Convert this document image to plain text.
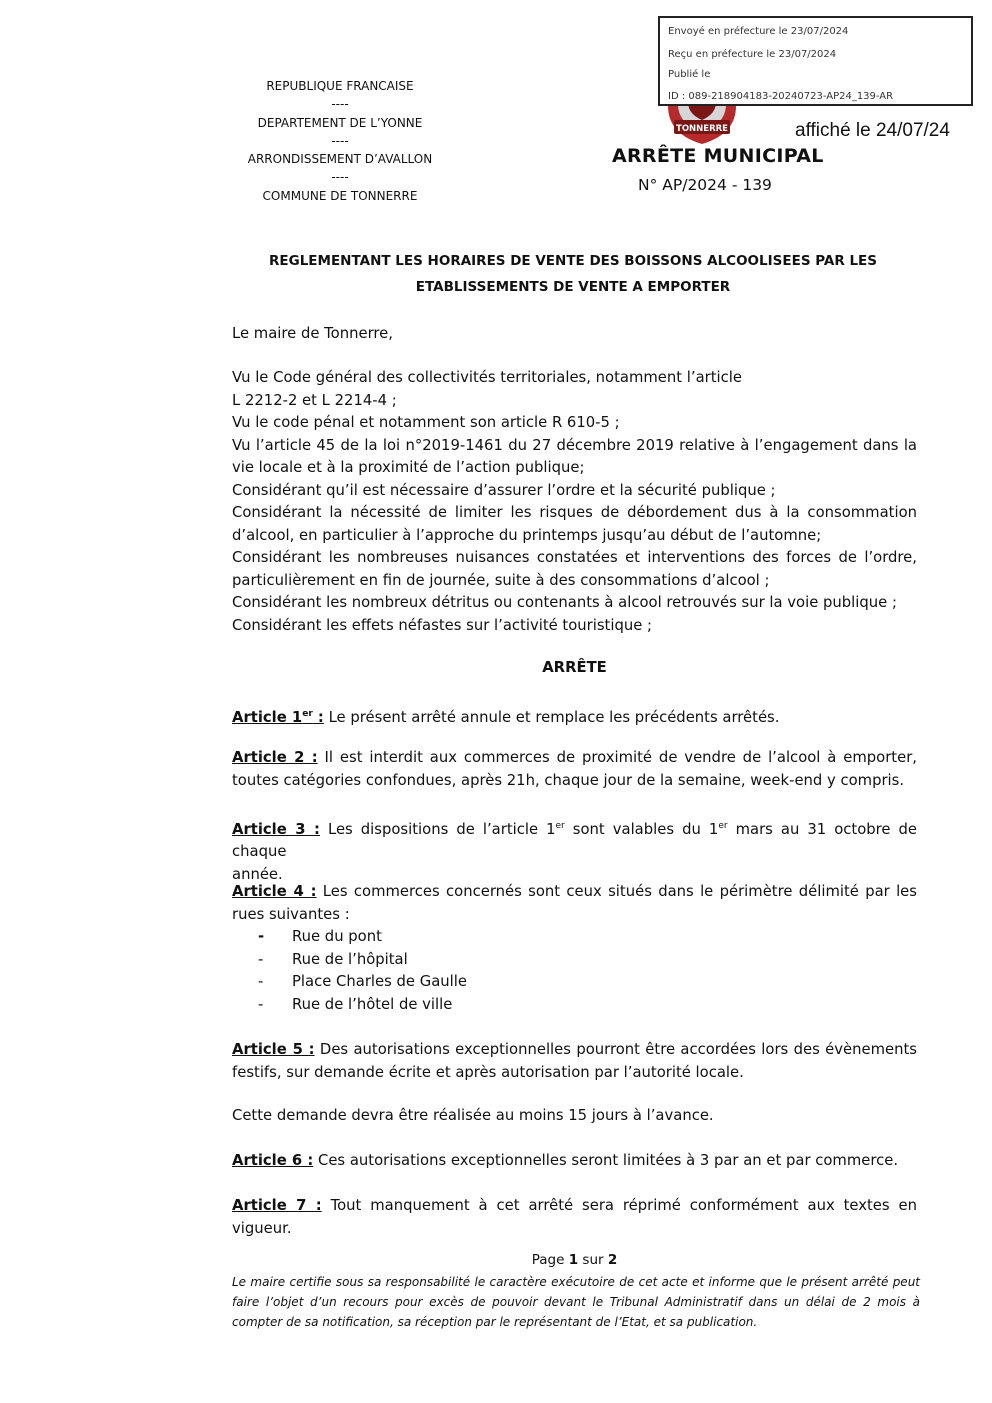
TONNERRE
Envoyé en préfecture le 23/07/2024
Reçu en préfecture le 23/07/2024
Publié le
ID : 089-218904183-20240723-AP24_139-AR
affiché le 24/07/24
REPUBLIQUE FRANCAISE
----
DEPARTEMENT DE L’YONNE
----
ARRONDISSEMENT D’AVALLON
----
COMMUNE DE TONNERRE
ARRÊTE MUNICIPAL
N° AP/2024 - 139
REGLEMENTANT LES HORAIRES DE VENTE DES BOISSONS ALCOOLISEES PAR LES
ETABLISSEMENTS DE VENTE A EMPORTER

Le maire de Tonnerre,

Vu le Code général des collectivités territoriales, notamment l’article

L 2212-2 et L 2214-4 ;

Vu le code pénal et notamment son article R 610-5 ;

Vu l’article 45 de la loi n°2019-1461 du 27 décembre 2019 relative à l’engagement dans la

vie locale et à la proximité de l’action publique;

Considérant qu’il est nécessaire d’assurer l’ordre et la sécurité publique ;

Considérant la nécessité de limiter les risques de débordement dus à la consommation

d’alcool, en particulier à l’approche du printemps jusqu’au début de l’automne;

Considérant les nombreuses nuisances constatées et interventions des forces de l’ordre,

particulièrement en fin de journée, suite à des consommations d’alcool ;

Considérant les nombreux détritus ou contenants à alcool retrouvés sur la voie publique ;

Considérant les effets néfastes sur l’activité touristique ;

ARRÊTE

Article 1er : Le présent arrêté annule et remplace les précédents arrêtés.

Article 2 : Il est interdit aux commerces de proximité de vendre de l’alcool à emporter,

toutes catégories confondues, après 21h, chaque jour de la semaine, week-end y compris.

Article 3 : Les dispositions de l’article 1er sont valables du 1er mars au 31 octobre de chaque

année.

Article 4 : Les commerces concernés sont ceux situés dans le périmètre délimité par les

rues suivantes :

- Rue du pont
- Rue de l’hôpital
- Place Charles de Gaulle
- Rue de l’hôtel de ville

Article 5 : Des autorisations exceptionnelles pourront être accordées lors des évènements

festifs, sur demande écrite et après autorisation par l’autorité locale.

Cette demande devra être réalisée au moins 15 jours à l’avance.

Article 6 : Ces autorisations exceptionnelles seront limitées à 3 par an et par commerce.

Article 7 : Tout manquement à cet arrêté sera réprimé conformément aux textes en

vigueur.

Page 1 sur 2

Le maire certifie sous sa responsabilité le caractère exécutoire de cet acte et informe que le présent arrêté peut

faire l’objet d’un recours pour excès de pouvoir devant le Tribunal Administratif dans un délai de 2 mois à

compter de sa notification, sa réception par le représentant de l’Etat, et sa publication.
